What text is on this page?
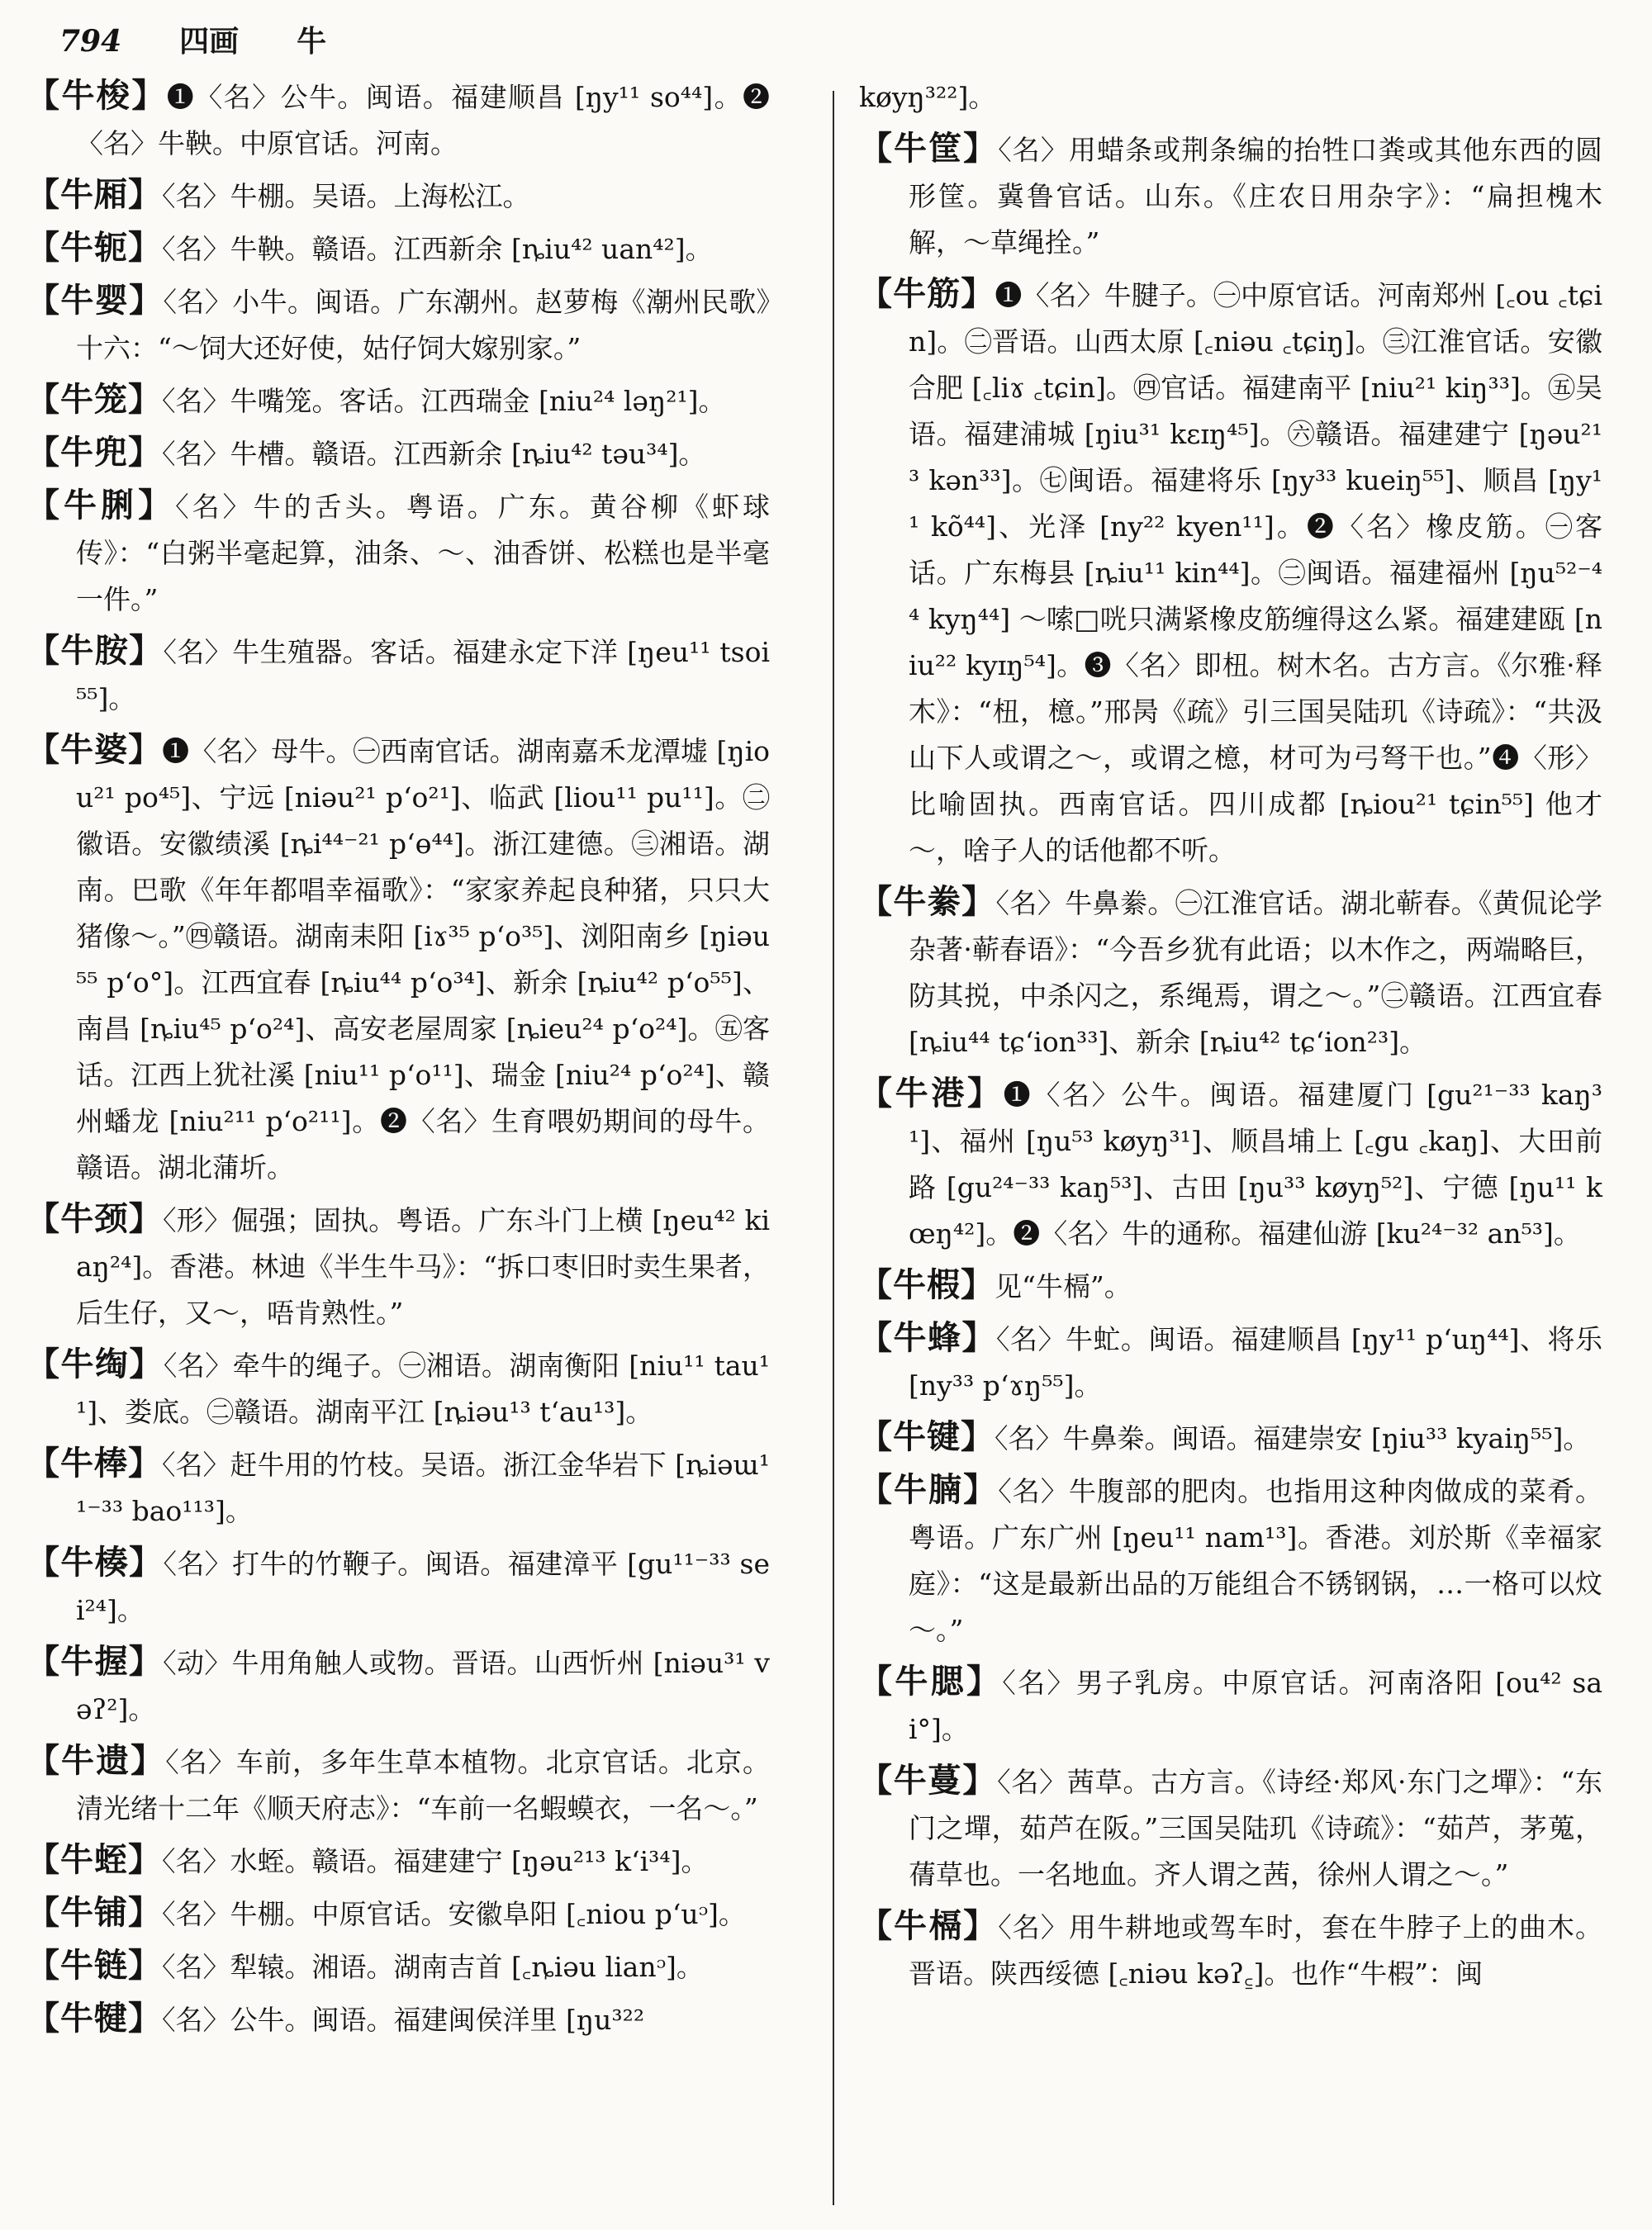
794 四画 牛

【牛梭】❶〈名〉公牛。闽语。福建顺昌 [ŋy¹¹ so⁴⁴]。❷〈名〉牛鞅。中原官话。河南。

【牛厢】〈名〉牛棚。吴语。上海松江。

【牛轭】〈名〉牛鞅。赣语。江西新余 [ȵiu⁴² uan⁴²]。

【牛婴】〈名〉小牛。闽语。广东潮州。赵萝梅《潮州民歌》十六：“～饲大还好使，姑仔饲大嫁别家。”

【牛笼】〈名〉牛嘴笼。客话。江西瑞金 [niu²⁴ ləŋ²¹]。

【牛兜】〈名〉牛槽。赣语。江西新余 [ȵiu⁴² təu³⁴]。

【牛脷】〈名〉牛的舌头。粤语。广东。黄谷柳《虾球传》：“白粥半毫起算，油条、～、油香饼、松糕也是半毫一件。”

【牛胺】〈名〉牛生殖器。客话。福建永定下洋 [ŋeu¹¹ tsoi⁵⁵]。

【牛婆】❶〈名〉母牛。㊀西南官话。湖南嘉禾龙潭墟 [ŋiou²¹ po⁴⁵]、宁远 [niəu²¹ p‘o²¹]、临武 [liou¹¹ pu¹¹]。㊁徽语。安徽绩溪 [ȵi⁴⁴⁻²¹ p‘ɵ⁴⁴]。浙江建德。㊂湘语。湖南。巴歌《年年都唱幸福歌》：“家家养起良种猪，只只大猪像～。”㊃赣语。湖南耒阳 [iɤ³⁵ p‘o³⁵]、浏阳南乡 [ŋiəu⁵⁵ p‘o°]。江西宜春 [ȵiu⁴⁴ p‘o³⁴]、新余 [ȵiu⁴² p‘o⁵⁵]、南昌 [ȵiu⁴⁵ p‘o²⁴]、高安老屋周家 [ȵieu²⁴ p‘o²⁴]。㊄客话。江西上犹社溪 [niu¹¹ p‘o¹¹]、瑞金 [niu²⁴ p‘o²⁴]、赣州蟠龙 [niu²¹¹ p‘o²¹¹]。❷〈名〉生育喂奶期间的母牛。赣语。湖北蒲圻。

【牛颈】〈形〉倔强；固执。粤语。广东斗门上横 [ŋeu⁴² kiaŋ²⁴]。香港。林迪《半生牛马》：“拆口枣旧时卖生果者，后生仔，又～，唔肯熟性。”

【牛绹】〈名〉牵牛的绳子。㊀湘语。湖南衡阳 [niu¹¹ tau¹¹]、娄底。㊁赣语。湖南平江 [ȵiəu¹³ t‘au¹³]。

【牛棒】〈名〉赶牛用的竹枝。吴语。浙江金华岩下 [ȵiəɯ¹¹⁻³³ bao¹¹³]。

【牛楱】〈名〉打牛的竹鞭子。闽语。福建漳平 [gu¹¹⁻³³ sei²⁴]。

【牛握】〈动〉牛用角触人或物。晋语。山西忻州 [niəu³¹ vəʔ²]。

【牛遗】〈名〉车前，多年生草本植物。北京官话。北京。清光绪十二年《顺天府志》：“车前一名蝦蟆衣，一名～。”

【牛蛭】〈名〉水蛭。赣语。福建建宁 [ŋəu²¹³ k‘i³⁴]。

【牛铺】〈名〉牛棚。中原官话。安徽阜阳 [꜀niou p‘uᵓ]。

【牛链】〈名〉犁辕。湘语。湖南吉首 [꜀ȵiəu lianᵓ]。

【牛犍】〈名〉公牛。闽语。福建闽侯洋里 [ŋu³²²

køyŋ³²²]。

【牛筐】〈名〉用蜡条或荆条编的抬牲口粪或其他东西的圆形筐。冀鲁官话。山东。《庄农日用杂字》：“扁担槐木解，～草绳拴。”

【牛筋】❶〈名〉牛腱子。㊀中原官话。河南郑州 [꜀ou ꜀tɕin]。㊁晋语。山西太原 [꜀niəu ꜀tɕiŋ]。㊂江淮官话。安徽合肥 [꜀liɤ ꜀tɕin]。㊃官话。福建南平 [niu²¹ kiŋ³³]。㊄吴语。福建浦城 [ŋiu³¹ kɛɪŋ⁴⁵]。㊅赣语。福建建宁 [ŋəu²¹³ kən³³]。㊆闽语。福建将乐 [ŋy³³ kueiŋ⁵⁵]、顺昌 [ŋy¹¹ kõ⁴⁴]、光泽 [ny²² kyen¹¹]。❷〈名〉橡皮筋。㊀客话。广东梅县 [ȵiu¹¹ kin⁴⁴]。㊁闽语。福建福州 [ŋu⁵²⁻⁴⁴ kyŋ⁴⁴] ～嗦□咣只满紧橡皮筋缠得这么紧。福建建瓯 [niu²² kyɪŋ⁵⁴]。❸〈名〉即杻。树木名。古方言。《尔雅·释木》：“杻，檍。”邢昺《疏》引三国吴陆玑《诗疏》：“共汲山下人或谓之～，或谓之檍，材可为弓弩干也。”❹〈形〉比喻固执。西南官话。四川成都 [ȵiou²¹ tɕin⁵⁵] 他才～，啥子人的话他都不听。

【牛絭】〈名〉牛鼻絭。㊀江淮官话。湖北蕲春。《黄侃论学杂著·蕲春语》：“今吾乡犹有此语；以木作之，两端略巨，防其捝，中杀闪之，系绳焉，谓之～。”㊁赣语。江西宜春 [ȵiu⁴⁴ tɕ‘ion³³]、新余 [ȵiu⁴² tɕ‘ion²³]。

【牛港】❶〈名〉公牛。闽语。福建厦门 [gu²¹⁻³³ kaŋ³¹]、福州 [ŋu⁵³ køyŋ³¹]、顺昌埔上 [꜀gu ꜀kaŋ]、大田前路 [gu²⁴⁻³³ kaŋ⁵³]、古田 [ŋu³³ køyŋ⁵²]、宁德 [ŋu¹¹ kœŋ⁴²]。❷〈名〉牛的通称。福建仙游 [ku²⁴⁻³² an⁵³]。

【牛椵】见“牛槅”。

【牛蜂】〈名〉牛虻。闽语。福建顺昌 [ŋy¹¹ p‘uŋ⁴⁴]、将乐 [ny³³ p‘ɤŋ⁵⁵]。

【牛键】〈名〉牛鼻桊。闽语。福建崇安 [ŋiu³³ kyaiŋ⁵⁵]。

【牛腩】〈名〉牛腹部的肥肉。也指用这种肉做成的菜肴。粤语。广东广州 [ŋeu¹¹ nam¹³]。香港。刘於斯《幸福家庭》：“这是最新出品的万能组合不锈钢锅，…一格可以炆～。”

【牛腮】〈名〉男子乳房。中原官话。河南洛阳 [ou⁴² sai°]。

【牛蔓】〈名〉茜草。古方言。《诗经·郑风·东门之墠》：“东门之墠，茹芦在阪。”三国吴陆玑《诗疏》：“茹芦，茅蒐，蒨草也。一名地血。齐人谓之茜，徐州人谓之～。”

【牛槅】〈名〉用牛耕地或驾车时，套在牛脖子上的曲木。晋语。陕西绥德 [꜀niəu kəʔ꜁]。也作“牛椵”：闽
